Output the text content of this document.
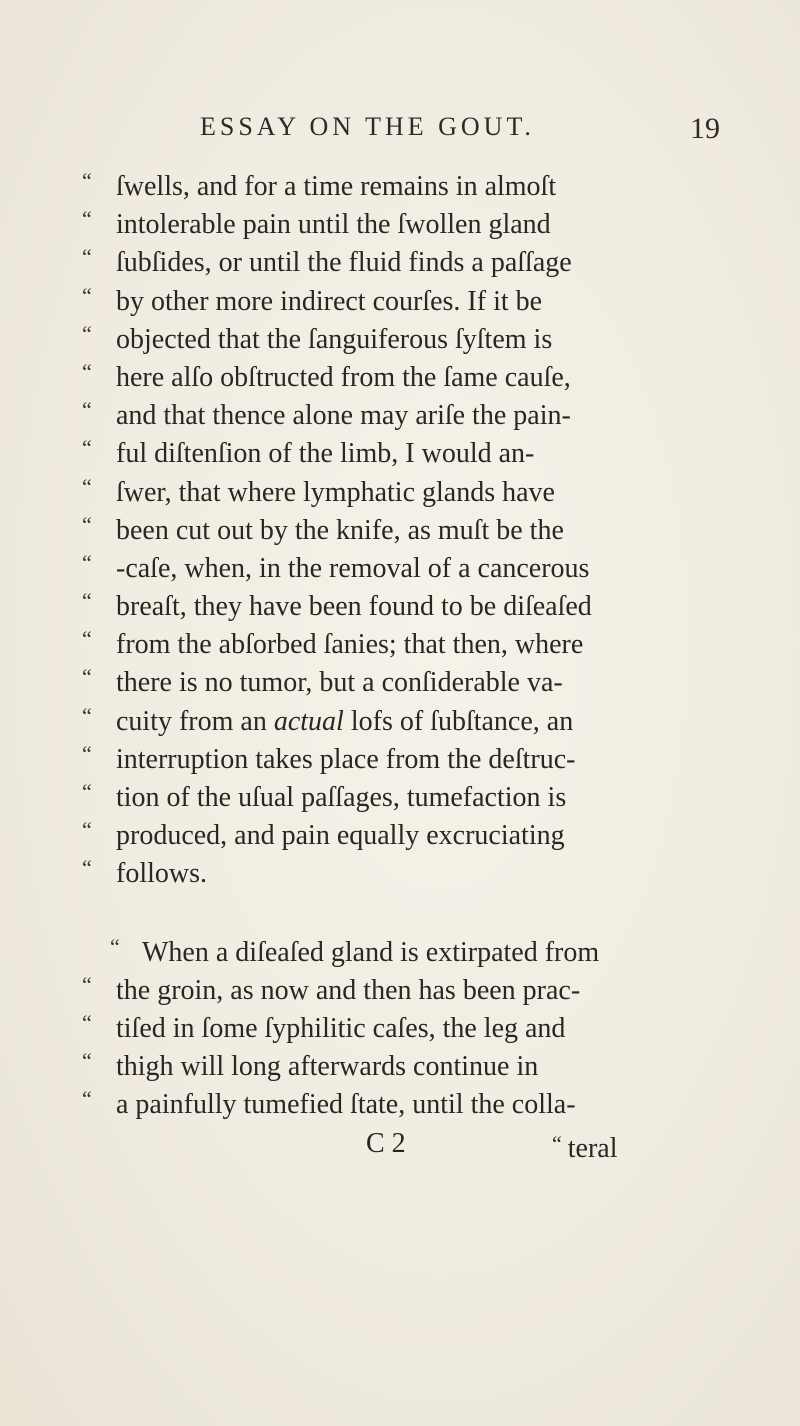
ESSAY ON THE GOUT.	19
“ ſwells, and for a time remains in almoſt
“ intolerable pain until the ſwollen gland
“ ſubſides, or until the fluid finds a paſſage
“ by other more indirect courſes. If it be
“ objected that the ſanguiferous ſyſtem is
“ here alſo obſtructed from the ſame cauſe,
“ and that thence alone may ariſe the pain-
“ ful diſtenſion of the limb, I would an-
“ ſwer, that where lymphatic glands have
“ been cut out by the knife, as muſt be the
“ -caſe, when, in the removal of a cancerous
“ breaſt, they have been found to be diſeaſed
“ from the abſorbed ſanies; that then, where
“ there is no tumor, but a conſiderable va-
“ cuity from an actual lofs of ſubſtance, an
“ interruption takes place from the deſtruc-
“ tion of the uſual paſſages, tumefaction is
“ produced, and pain equally excruciating
“ follows.
“ When a diſeaſed gland is extirpated from
“ the groin, as now and then has been prac-
“ tiſed in ſome ſyphilitic caſes, the leg and
“ thigh will long afterwards continue in
“ a painfully tumefied ſtate, until the colla-
C 2	“ teral
